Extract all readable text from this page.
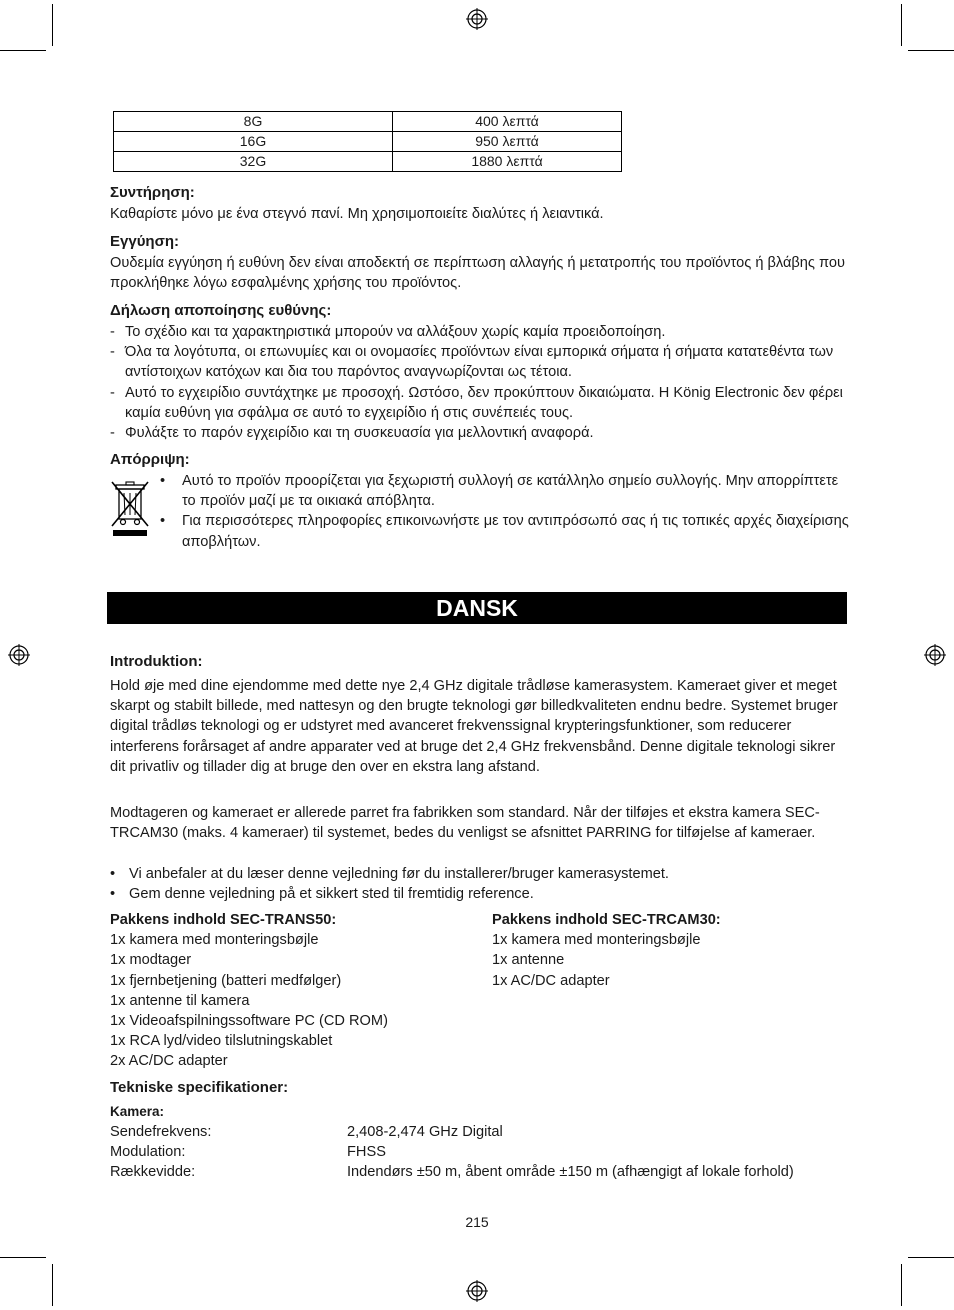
8G	400 λεπτά
16G	950 λεπτά
32G	1880 λεπτά
Συντήρηση:

Καθαρίστε μόνο με ένα στεγνό πανί. Μη χρησιμοποιείτε διαλύτες ή λειαντικά.

Εγγύηση:

Ουδεμία εγγύηση ή ευθύνη δεν είναι αποδεκτή σε περίπτωση αλλαγής ή μετατροπής του προϊόντος ή βλάβης που προκλήθηκε λόγω εσφαλμένης χρήσης του προϊόντος.

Δήλωση αποποίησης ευθύνης:
- Το σχέδιο και τα χαρακτηριστικά μπορούν να αλλάξουν χωρίς καμία προειδοποίηση.
- Όλα τα λογότυπα, οι επωνυμίες και οι ονομασίες προϊόντων είναι εμπορικά σήματα ή σήματα κατατεθέντα των αντίστοιχων κατόχων και δια του παρόντος αναγνωρίζονται ως τέτοια.
- Αυτό το εγχειρίδιο συντάχτηκε με προσοχή. Ωστόσο, δεν προκύπτουν δικαιώματα. Η König Electronic δεν φέρει καμία ευθύνη για σφάλμα σε αυτό το εγχειρίδιο ή στις συνέπειές τους.
- Φυλάξτε το παρόν εγχειρίδιο και τη συσκευασία για μελλοντική αναφορά.
Απόρριψη:
• Αυτό το προϊόν προορίζεται για ξεχωριστή συλλογή σε κατάλληλο σημείο συλλογής. Μην απορρίπτετε το προϊόν μαζί με τα οικιακά απόβλητα.
• Για περισσότερες πληροφορίες επικοινωνήστε με τον αντιπρόσωπό σας ή τις τοπικές αρχές διαχείρισης αποβλήτων.
DANSK
Introduktion:

Hold øje med dine ejendomme med dette nye 2,4 GHz digitale trådløse kamerasystem. Kameraet giver et meget skarpt og stabilt billede, med nattesyn og den brugte teknologi gør billedkvaliteten endnu bedre. Systemet bruger digital trådløs teknologi og er udstyret med avanceret frekvenssignal krypteringsfunktioner, som reducerer interferens forårsaget af andre apparater ved at bruge det 2,4 GHz frekvensbånd. Denne digitale teknologi sikrer dit privatliv og tillader dig at bruge den over en ekstra lang afstand.

Modtageren og kameraet er allerede parret fra fabrikken som standard. Når der tilføjes et ekstra kamera SEC-TRCAM30 (maks. 4 kameraer) til systemet, bedes du venligst se afsnittet PARRING for tilføjelse af kameraer.

• Vi anbefaler at du læser denne vejledning før du installerer/bruger kamerasystemet.
• Gem denne vejledning på et sikkert sted til fremtidig reference.
Pakkens indhold SEC-TRANS50:
1x kamera med monteringsbøjle
1x modtager
1x fjernbetjening (batteri medfølger)
1x antenne til kamera
1x Videoafspilningssoftware PC (CD ROM)
1x RCA lyd/video tilslutningskablet
2x AC/DC adapter
Pakkens indhold SEC-TRCAM30:
1x kamera med monteringsbøjle
1x antenne
1x AC/DC adapter
Tekniske specifikationer:
Kamera:
Sendefrekvens:	2,408-2,474 GHz Digital
Modulation:	FHSS
Rækkevidde:	Indendørs ±50 m, åbent område ±150 m (afhængigt af lokale forhold)
215
